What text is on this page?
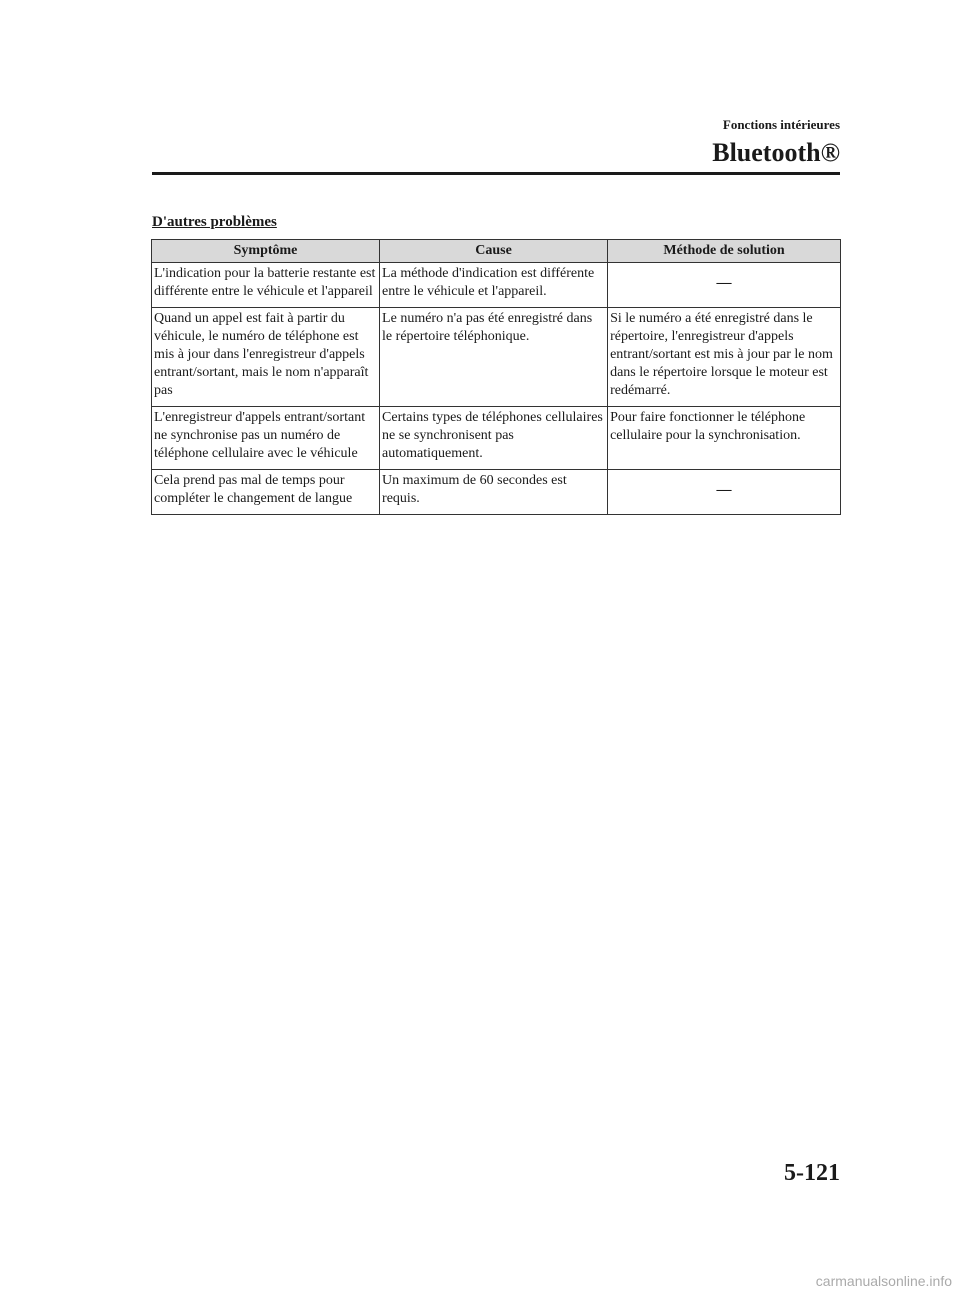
Fonctions intérieures
Bluetooth®
D'autres problèmes
Symptôme	Cause	Méthode de solution
L'indication pour la batterie restante est différente entre le véhicule et l'appareil	La méthode d'indication est différente entre le véhicule et l'appareil.	―
Quand un appel est fait à partir du véhicule, le numéro de téléphone est mis à jour dans l'enregistreur d'appels entrant/sortant, mais le nom n'apparaît pas	Le numéro n'a pas été enregistré dans le répertoire téléphonique.	Si le numéro a été enregistré dans le répertoire, l'enregistreur d'appels entrant/sortant est mis à jour par le nom dans le répertoire lorsque le moteur est redémarré.
L'enregistreur d'appels entrant/sortant ne synchronise pas un numéro de téléphone cellulaire avec le véhicule	Certains types de téléphones cellulaires ne se synchronisent pas automatiquement.	Pour faire fonctionner le téléphone cellulaire pour la synchronisation.
Cela prend pas mal de temps pour compléter le changement de langue	Un maximum de 60 secondes est requis.	―
5-121
carmanualsonline.info
